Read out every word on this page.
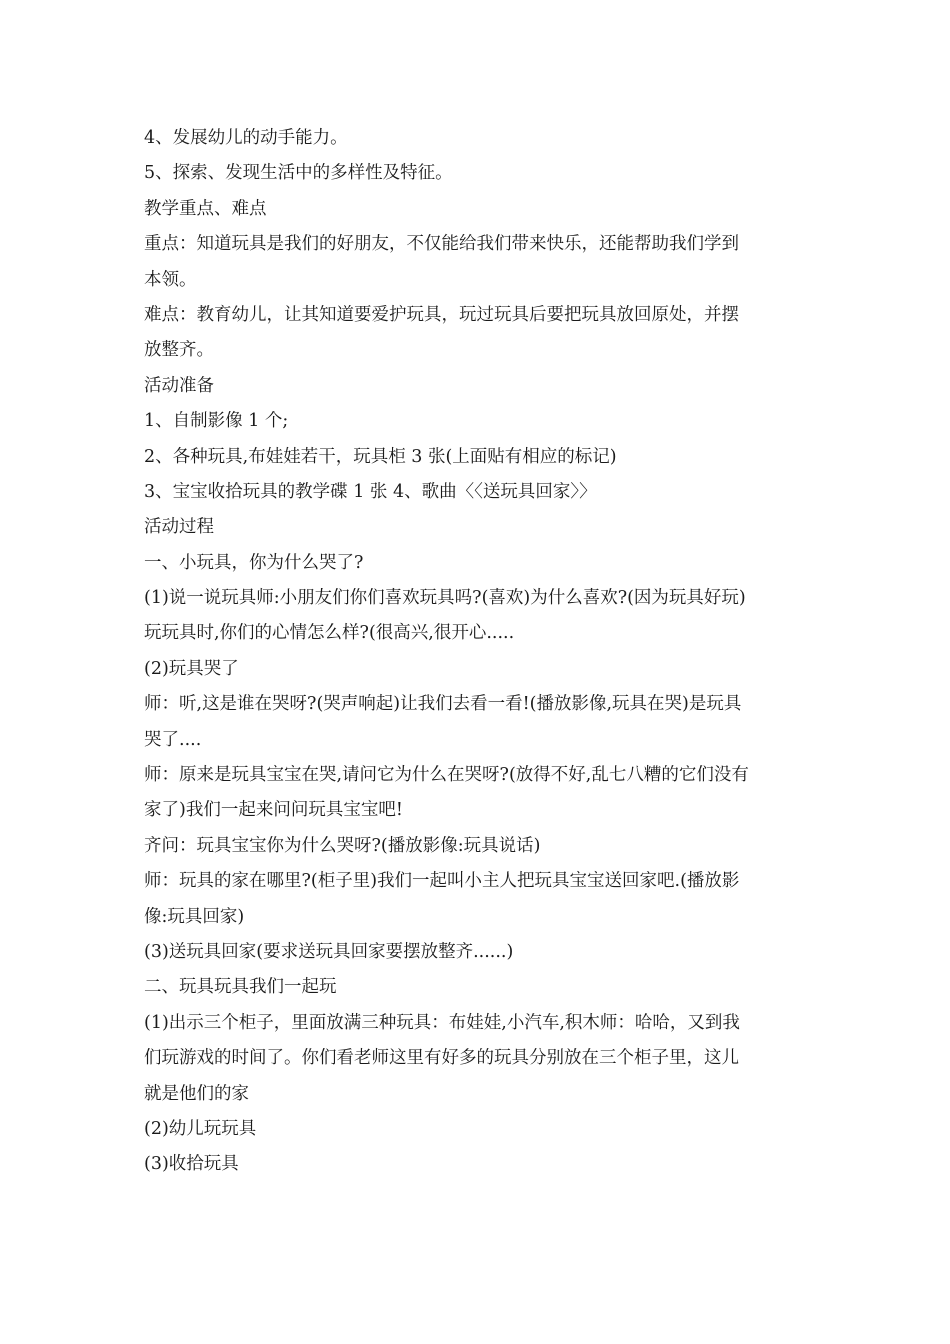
4、发展幼儿的动手能力。
5、探索、发现生活中的多样性及特征。
教学重点、难点
重点：知道玩具是我们的好朋友，不仅能给我们带来快乐，还能帮助我们学到
本领。
难点：教育幼儿，让其知道要爱护玩具，玩过玩具后要把玩具放回原处，并摆
放整齐。
活动准备
1、自制影像 1 个;
2、各种玩具,布娃娃若干，玩具柜 3 张(上面贴有相应的标记)
3、宝宝收拾玩具的教学碟 1 张 4、歌曲〈〈送玩具回家〉〉
活动过程
一、小玩具，你为什么哭了?
(1)说一说玩具师:小朋友们你们喜欢玩具吗?(喜欢)为什么喜欢?(因为玩具好玩)
玩玩具时,你们的心情怎么样?(很高兴,很开心.....
(2)玩具哭了
师：听,这是谁在哭呀?(哭声响起)让我们去看一看!(播放影像,玩具在哭)是玩具
哭了....
师：原来是玩具宝宝在哭,请问它为什么在哭呀?(放得不好,乱七八糟的它们没有
家了)我们一起来问问玩具宝宝吧!
齐问：玩具宝宝你为什么哭呀?(播放影像:玩具说话)
师：玩具的家在哪里?(柜子里)我们一起叫小主人把玩具宝宝送回家吧.(播放影
像:玩具回家)
(3)送玩具回家(要求送玩具回家要摆放整齐......)
二、玩具玩具我们一起玩
(1)出示三个柜子，里面放满三种玩具：布娃娃,小汽车,积木师：哈哈，又到我
们玩游戏的时间了。你们看老师这里有好多的玩具分别放在三个柜子里，这儿
就是他们的家
(2)幼儿玩玩具
(3)收拾玩具
